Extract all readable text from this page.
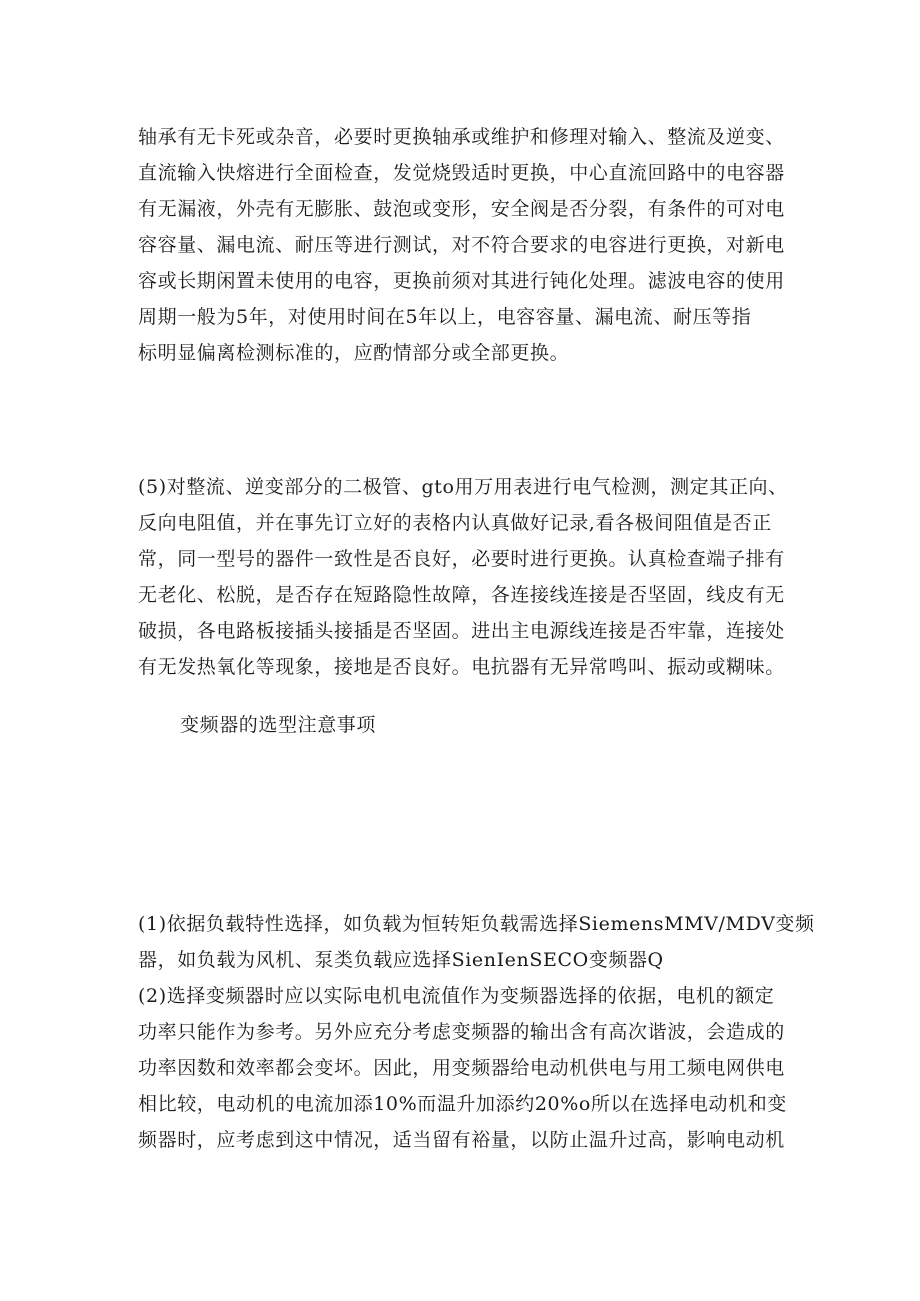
轴承有无卡死或杂音，必要时更换轴承或维护和修理对输入、整流及逆变、
直流输入快熔进行全面检查，发觉烧毁适时更换，中心直流回路中的电容器
有无漏液，外壳有无膨胀、鼓泡或变形，安全阀是否分裂，有条件的可对电
容容量、漏电流、耐压等进行测试，对不符合要求的电容进行更换，对新电
容或长期闲置未使用的电容，更换前须对其进行钝化处理。滤波电容的使用
周期一般为5年，对使用时间在5年以上，电容容量、漏电流、耐压等指
标明显偏离检测标准的，应酌情部分或全部更换。
(5)对整流、逆变部分的二极管、gto用万用表进行电气检测，测定其正向、
反向电阻值，并在事先订立好的表格内认真做好记录,看各极间阻值是否正
常，同一型号的器件一致性是否良好，必要时进行更换。认真检查端子排有
无老化、松脱，是否存在短路隐性故障，各连接线连接是否坚固，线皮有无
破损，各电路板接插头接插是否坚固。进出主电源线连接是否牢靠，连接处
有无发热氧化等现象，接地是否良好。电抗器有无异常鸣叫、振动或糊味。
变频器的选型注意事项
(1)依据负载特性选择，如负载为恒转矩负载需选择SiemensMMV/MDV变频
器，如负载为风机、泵类负载应选择SienIenSECO变频器Q
(2)选择变频器时应以实际电机电流值作为变频器选择的依据，电机的额定
功率只能作为参考。另外应充分考虑变频器的输出含有高次谐波，会造成的
功率因数和效率都会变坏。因此，用变频器给电动机供电与用工频电网供电
相比较，电动机的电流加添10%而温升加添约20%o所以在选择电动机和变
频器时，应考虑到这中情况，适当留有裕量，以防止温升过高，影响电动机
